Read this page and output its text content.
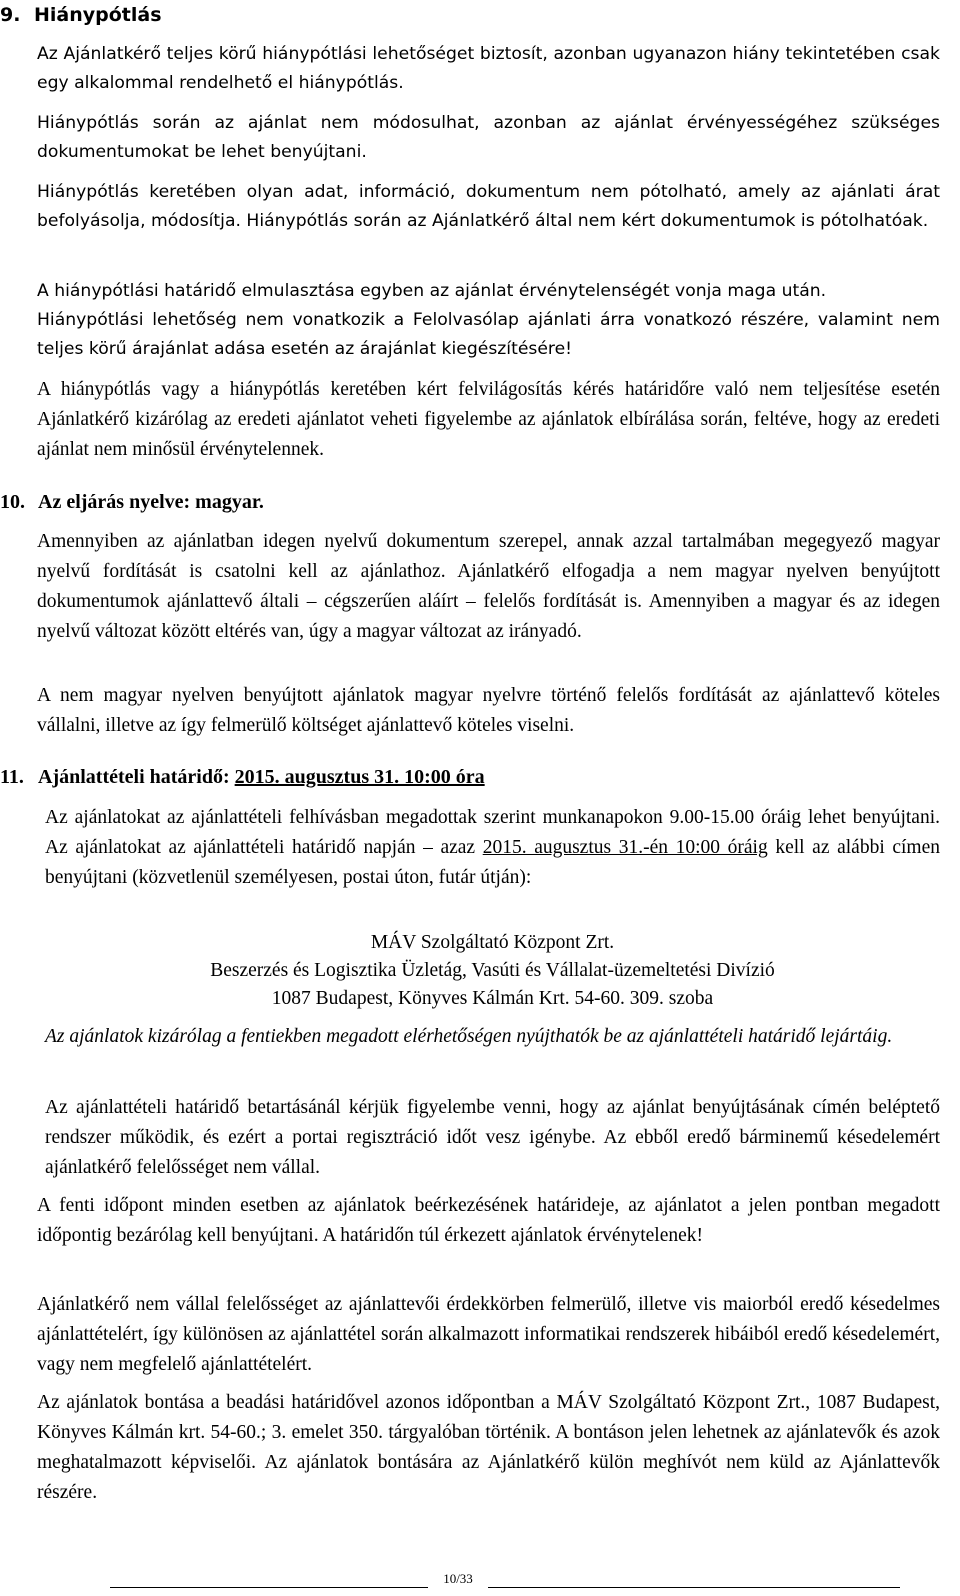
9. Hiánypótlás

Az Ajánlatkérő teljes körű hiánypótlási lehetőséget biztosít, azonban ugyanazon hiány tekintetében csak egy alkalommal rendelhető el hiánypótlás.

Hiánypótlás során az ajánlat nem módosulhat, azonban az ajánlat érvényességéhez szükséges dokumentumokat be lehet benyújtani.

Hiánypótlás keretében olyan adat, információ, dokumentum nem pótolható, amely az ajánlati árat befolyásolja, módosítja. Hiánypótlás során az Ajánlatkérő által nem kért dokumentumok is pótolhatóak.

A hiánypótlási határidő elmulasztása egyben az ajánlat érvénytelenségét vonja maga után.

Hiánypótlási lehetőség nem vonatkozik a Felolvasólap ajánlati árra vonatkozó részére, valamint nem teljes körű árajánlat adása esetén az árajánlat kiegészítésére!

A hiánypótlás vagy a hiánypótlás keretében kért felvilágosítás kérés határidőre való nem teljesítése esetén Ajánlatkérő kizárólag az eredeti ajánlatot veheti figyelembe az ajánlatok elbírálása során, feltéve, hogy az eredeti ajánlat nem minősül érvénytelennek.

10. Az eljárás nyelve: magyar.

Amennyiben az ajánlatban idegen nyelvű dokumentum szerepel, annak azzal tartalmában megegyező magyar nyelvű fordítását is csatolni kell az ajánlathoz. Ajánlatkérő elfogadja a nem magyar nyelven benyújtott dokumentumok ajánlattevő általi – cégszerűen aláírt – felelős fordítását is. Amennyiben a magyar és az idegen nyelvű változat között eltérés van, úgy a magyar változat az irányadó.

A nem magyar nyelven benyújtott ajánlatok magyar nyelvre történő felelős fordítását az ajánlattevő köteles vállalni, illetve az így felmerülő költséget ajánlattevő köteles viselni.

11. Ajánlattételi határidő: 2015. augusztus 31. 10:00 óra

Az ajánlatokat az ajánlattételi felhívásban megadottak szerint munkanapokon 9.00-15.00 óráig lehet benyújtani. Az ajánlatokat az ajánlattételi határidő napján – azaz 2015. augusztus 31.-én 10:00 óráig kell az alábbi címen benyújtani (közvetlenül személyesen, postai úton, futár útján):

MÁV Szolgáltató Központ Zrt.

Beszerzés és Logisztika Üzletág, Vasúti és Vállalat-üzemeltetési Divízió

1087 Budapest, Könyves Kálmán Krt. 54-60. 309. szoba

Az ajánlatok kizárólag a fentiekben megadott elérhetőségen nyújthatók be az ajánlattételi határidő lejártáig.

Az ajánlattételi határidő betartásánál kérjük figyelembe venni, hogy az ajánlat benyújtásának címén beléptető rendszer működik, és ezért a portai regisztráció időt vesz igénybe. Az ebből eredő bárminemű késedelemért ajánlatkérő felelősséget nem vállal.

A fenti időpont minden esetben az ajánlatok beérkezésének határideje, az ajánlatot a jelen pontban megadott időpontig bezárólag kell benyújtani. A határidőn túl érkezett ajánlatok érvénytelenek!

Ajánlatkérő nem vállal felelősséget az ajánlattevői érdekkörben felmerülő, illetve vis maiorból eredő késedelmes ajánlattételért, így különösen az ajánlattétel során alkalmazott informatikai rendszerek hibáiból eredő késedelemért, vagy nem megfelelő ajánlattételért.

Az ajánlatok bontása a beadási határidővel azonos időpontban a MÁV Szolgáltató Központ Zrt., 1087 Budapest, Könyves Kálmán krt. 54-60.; 3. emelet 350. tárgyalóban történik. A bontáson jelen lehetnek az ajánlatevők és azok meghatalmazott képviselői. Az ajánlatok bontására az Ajánlatkérő külön meghívót nem küld az Ajánlattevők részére.

10/33
